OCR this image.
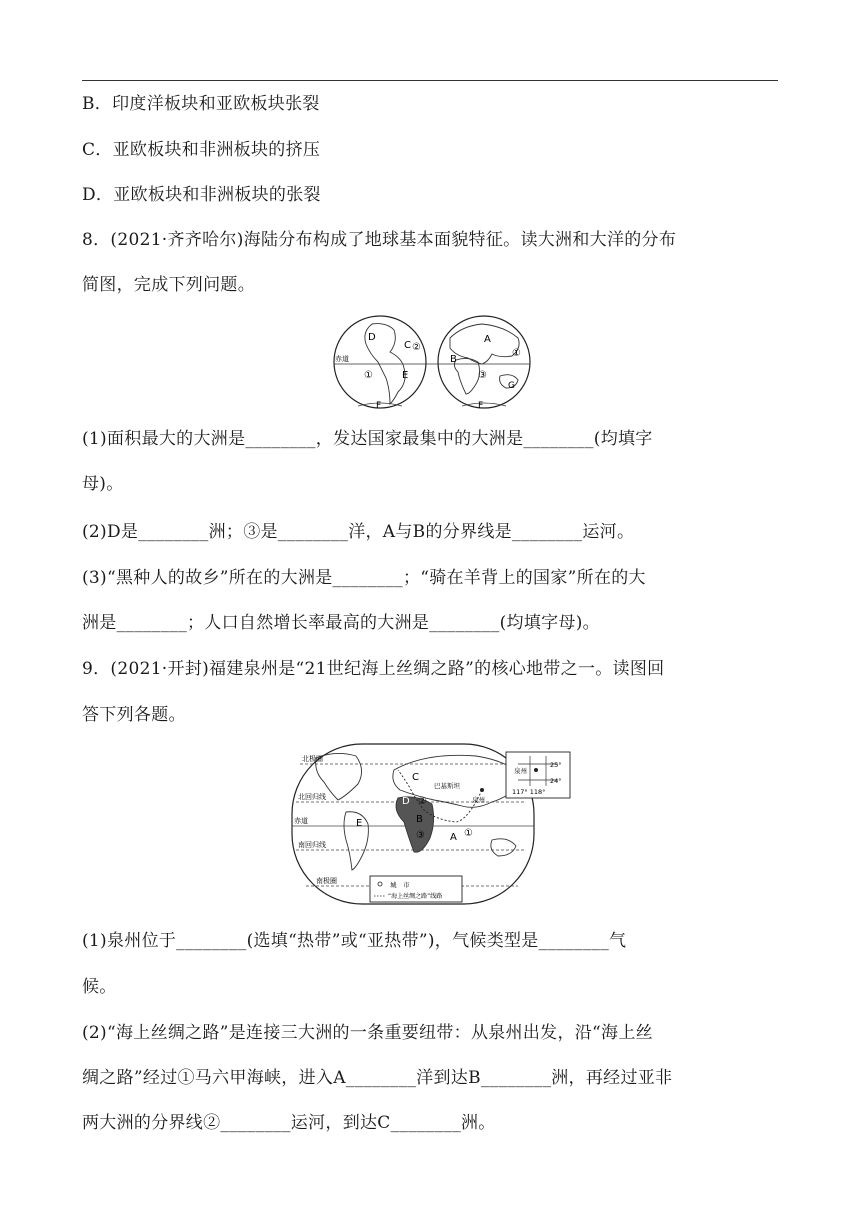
B．印度洋板块和亚欧板块张裂
C．亚欧板块和非洲板块的挤压
D．亚欧板块和非洲板块的张裂
8．(2021·齐齐哈尔)海陆分布构成了地球基本面貌特征。读大洲和大洋的分布
简图，完成下列问题。
赤道
D	A
B
C
E
F	F
G
①
②
③
①
(1)面积最大的大洲是________，发达国家最集中的大洲是________(均填字
母)。
(2)D是________洲；③是________洋，A与B的分界线是________运河。
(3)“黑种人的故乡”所在的大洲是________；“骑在羊背上的国家”所在的大
洲是________；人口自然增长率最高的大洲是________(均填字母)。
9．(2021·开封)福建泉州是“21世纪海上丝绸之路”的核心地带之一。读图回
答下列各题。
北极圈
北回归线
赤道
南回归线
南极圈
C
D ②
B
③
E
A ①
巴基斯坦
泉州
泉州
25°
24°
117° 118°
城　市
“海上丝绸之路”线路
(1)泉州位于________(选填“热带”或“亚热带”)，气候类型是________气
候。
(2)“海上丝绸之路”是连接三大洲的一条重要纽带：从泉州出发，沿“海上丝
绸之路”经过①马六甲海峡，进入A________洋到达B________洲，再经过亚非
两大洲的分界线②________运河，到达C________洲。
